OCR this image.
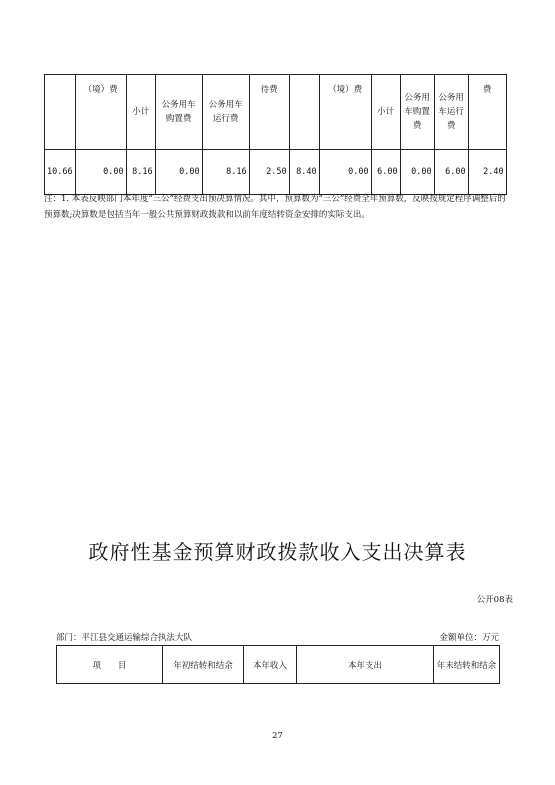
	（境）费	小计	公务用车购置费	公务用车运行费	待费		（境）费	小计	公务用车购置费	公务用车运行费	费
10.66	0.00	8.16	0.00	8.16	2.50	8.40	0.00	6.00	0.00	6.00	2.40
注：1. 本表反映部门本年度“三公”经费支出预决算情况。其中，预算数为“三公”经费全年预算数，反映按规定程序调整后的预算数;决算数是包括当年一般公共预算财政拨款和以前年度结转资金安排的实际支出。
政府性基金预算财政拨款收入支出决算表
公开08表
部门：平江县交通运输综合执法大队	金额单位：万元
项　　目	年初结转和结余	本年收入	本年支出	年末结转和结余
27
